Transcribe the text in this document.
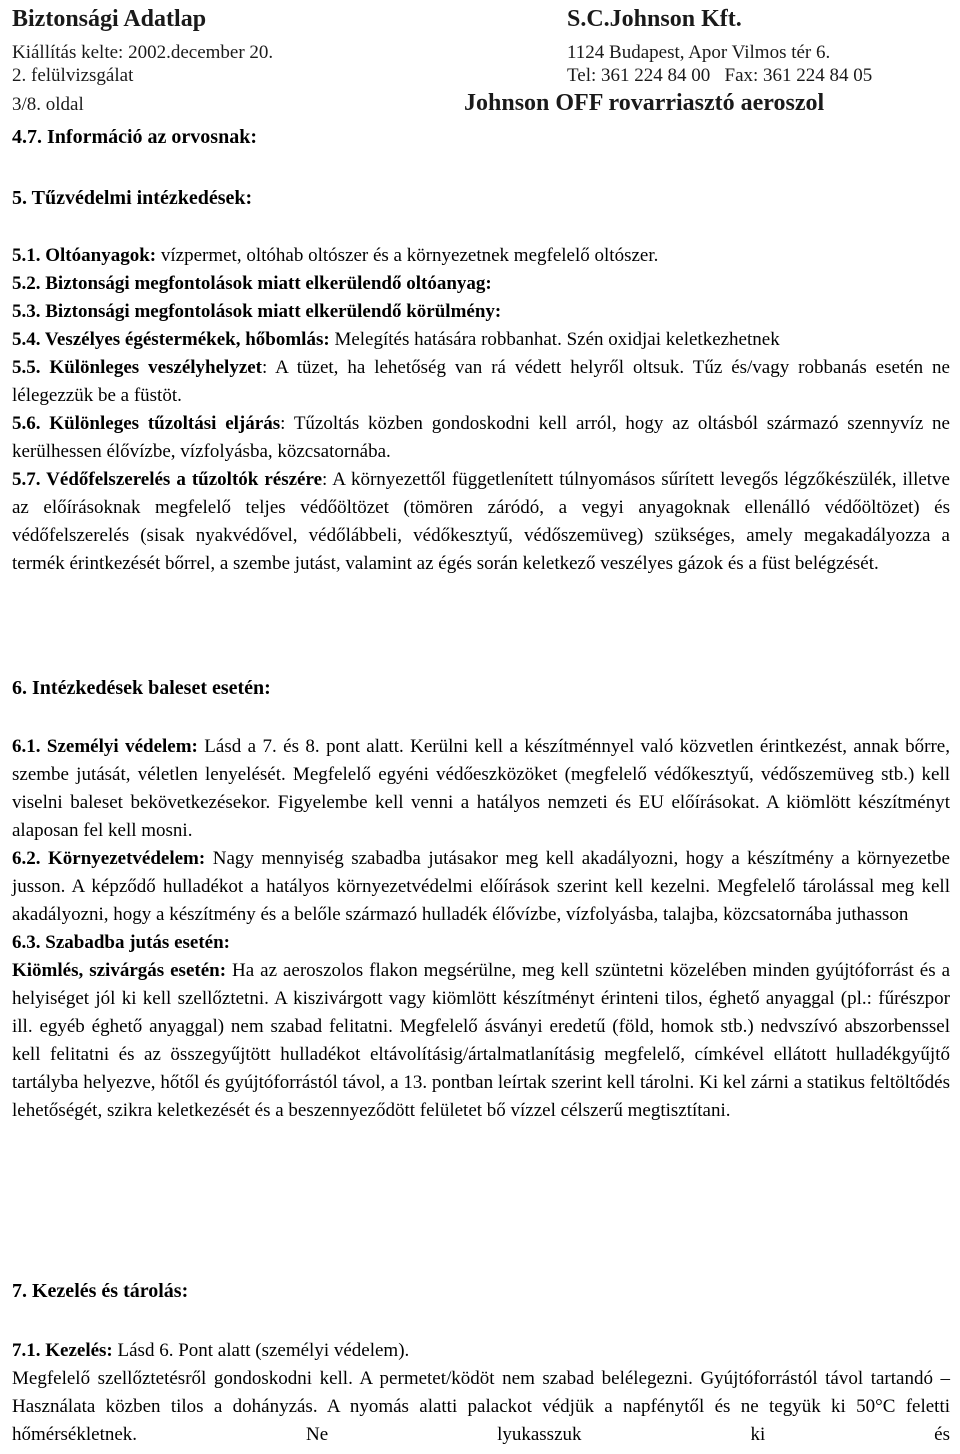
Biztonsági Adatlap	S.C.Johnson Kft.
Kiállítás kelte: 2002.december 20.	1124 Budapest, Apor Vilmos tér 6.
2. felülvizsgálat	Tel: 361 224 84 00   Fax: 361 224 84 05
3/8. oldal	Johnson OFF rovarriasztó aeroszol
4.7. Információ az orvosnak:
5. Tűzvédelmi intézkedések:

5.1. Oltóanyagok: vízpermet, oltóhab oltószer és a környezetnek megfelelő oltószer.

5.2. Biztonsági megfontolások miatt elkerülendő oltóanyag:

5.3. Biztonsági megfontolások miatt elkerülendő körülmény:

5.4. Veszélyes égéstermékek, hőbomlás: Melegítés hatására robbanhat. Szén oxidjai keletkezhetnek

5.5. Különleges veszélyhelyzet: A tüzet, ha lehetőség van rá védett helyről oltsuk. Tűz és/vagy robbanás esetén ne lélegezzük be a füstöt.

5.6. Különleges tűzoltási eljárás: Tűzoltás közben gondoskodni kell arról, hogy az oltásból származó szennyvíz ne kerülhessen élővízbe, vízfolyásba, közcsatornába.

5.7. Védőfelszerelés a tűzoltók részére: A környezettől függetlenített túlnyomásos sűrített levegős légzőkészülék, illetve az előírásoknak megfelelő teljes védőöltözet (tömören záródó, a vegyi anyagoknak ellenálló védőöltözet) és védőfelszerelés (sisak nyakvédővel, védőlábbeli, védőkesztyű, védőszemüveg) szükséges, amely megakadályozza a termék érintkezését bőrrel, a szembe jutást, valamint az égés során keletkező veszélyes gázok és a füst belégzését.

6. Intézkedések baleset esetén:

6.1. Személyi védelem: Lásd a 7. és 8. pont alatt. Kerülni kell a készítménnyel való közvetlen érintkezést, annak bőrre, szembe jutását, véletlen lenyelését. Megfelelő egyéni védőeszközöket (megfelelő védőkesztyű, védőszemüveg stb.) kell viselni baleset bekövetkezésekor. Figyelembe kell venni a hatályos nemzeti és EU előírásokat. A kiömlött készítményt alaposan fel kell mosni.

6.2. Környezetvédelem: Nagy mennyiség szabadba jutásakor meg kell akadályozni, hogy a készítmény a környezetbe jusson. A képződő hulladékot a hatályos környezetvédelmi előírások szerint kell kezelni. Megfelelő tárolással meg kell akadályozni, hogy a készítmény és a belőle származó hulladék élővízbe, vízfolyásba, talajba, közcsatornába juthasson

6.3. Szabadba jutás esetén:

Kiömlés, szivárgás esetén: Ha az aeroszolos flakon megsérülne, meg kell szüntetni közelében minden gyújtóforrást és a helyiséget jól ki kell szellőztetni. A kiszivárgott vagy kiömlött készítményt érinteni tilos, éghető anyaggal (pl.: fűrészpor ill. egyéb éghető anyaggal) nem szabad felitatni. Megfelelő ásványi eredetű (föld, homok stb.) nedvszívó abszorbenssel kell felitatni és az összegyűjtött hulladékot eltávolításig/ártalmatlanításig megfelelő, címkével ellátott hulladékgyűjtő tartályba helyezve, hőtől és gyújtóforrástól távol, a 13. pontban leírtak szerint kell tárolni. Ki kel zárni a statikus feltöltődés lehetőségét, szikra keletkezését és a beszennyeződött felületet bő vízzel célszerű megtisztítani.

7. Kezelés és tárolás:

7.1. Kezelés: Lásd 6. Pont alatt (személyi védelem).

Megfelelő szellőztetésről gondoskodni kell. A permetet/ködöt nem szabad belélegezni. Gyújtóforrástól távol tartandó – Használata közben tilos a dohányzás. A nyomás alatti palackot védjük a napfénytől és ne tegyük ki 50°C feletti hőmérsékletnek. Ne lyukasszuk ki és
